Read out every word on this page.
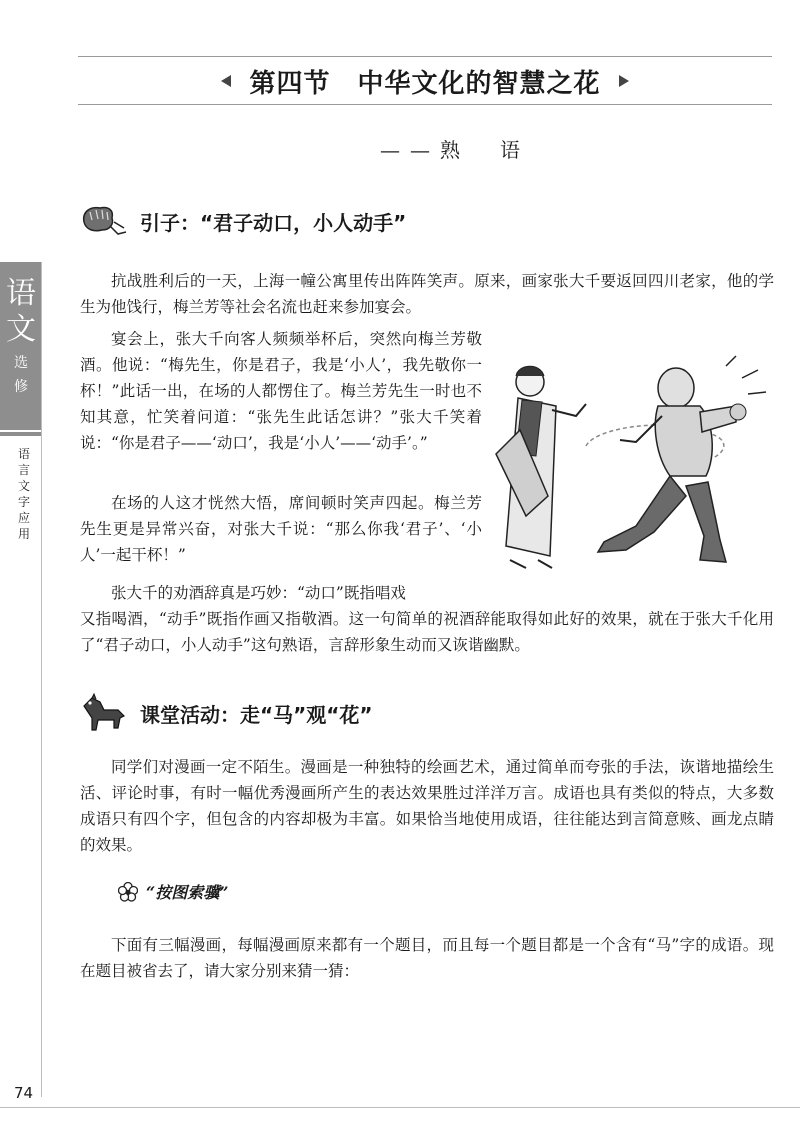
第四节　中华文化的智慧之花
——熟　语
语
文
选
修
语言文字应用
74
引子：“君子动口，小人动手”
抗战胜利后的一天，上海一幢公寓里传出阵阵笑声。原来，画家张大千要返回四川老家，他的学生为他饯行，梅兰芳等社会名流也赶来参加宴会。
宴会上，张大千向客人频频举杯后，突然向梅兰芳敬酒。他说：“梅先生，你是君子，我是‘小人’，我先敬你一杯！”此话一出，在场的人都愣住了。梅兰芳先生一时也不知其意，忙笑着问道：“张先生此话怎讲？”张大千笑着说：“你是君子——‘动口’，我是‘小人’——‘动手’。”
在场的人这才恍然大悟，席间顿时笑声四起。梅兰芳先生更是异常兴奋，对张大千说：“那么你我‘君子’、‘小人’一起干杯！”
张大千的劝酒辞真是巧妙：“动口”既指唱戏
又指喝酒，“动手”既指作画又指敬酒。这一句简单的祝酒辞能取得如此好的效果，就在于张大千化用了“君子动口，小人动手”这句熟语，言辞形象生动而又诙谐幽默。
课堂活动：走“马”观“花”
同学们对漫画一定不陌生。漫画是一种独特的绘画艺术，通过简单而夸张的手法，诙谐地描绘生活、评论时事，有时一幅优秀漫画所产生的表达效果胜过洋洋万言。成语也具有类似的特点，大多数成语只有四个字，但包含的内容却极为丰富。如果恰当地使用成语，往往能达到言简意赅、画龙点睛的效果。
“按图索骥”
下面有三幅漫画，每幅漫画原来都有一个题目，而且每一个题目都是一个含有“马”字的成语。现在题目被省去了，请大家分别来猜一猜：
